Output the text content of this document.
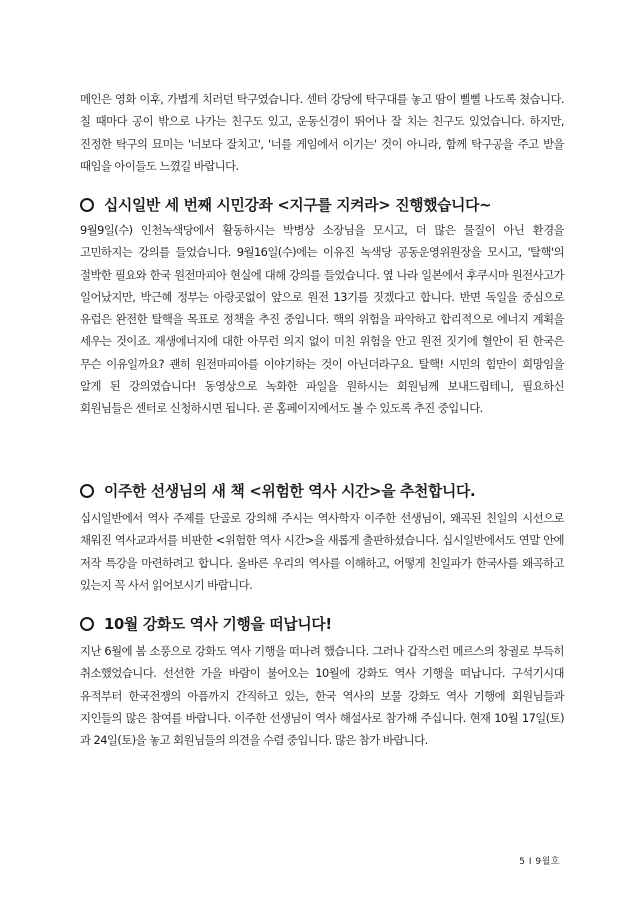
메인은 영화 이후, 가볍게 치러던 탁구였습니다. 센터 강당에 탁구대를 놓고 땀이 삘삘 나도록 쳤습니다. 칠 때마다 공이 밖으로 나가는 친구도 있고, 운동신경이 뛰어나 잘 치는 친구도 있었습니다. 하지만, 진정한 탁구의 묘미는 '너보다 잘치고', '너를 게임에서 이기는' 것이 아니라, 함께 탁구공을 주고 받을 때임을 아이들도 느꼈길 바랍니다.

십시일반 세 번째 시민강좌 <지구를 지켜라> 진행했습니다~

9월9일(수) 인천녹색당에서 활동하시는 박병상 소장님을 모시고, 더 많은 물질이 아닌 환경을 고민하지는 강의를 들었습니다. 9월16일(수)에는 이유진 녹색당 공동운영위원장을 모시고, '탈핵'의 절박한 필요와 한국 원전마피아 현실에 대해 강의를 들었습니다. 옆 나라 일본에서 후쿠시마 원전사고가 일어났지만, 박근혜 정부는 아랑곳없이 앞으로 원전 13기를 짓겠다고 합니다. 반면 독일을 중심으로 유럽은 완전한 탈핵을 목표로 정책을 추진 중입니다. 핵의 위험을 파악하고 합리적으로 에너지 계획을 세우는 것이죠. 재생에너지에 대한 아무런 의지 없이 미친 위험을 안고 원전 짓기에 혈안이 된 한국은 무슨 이유일까요? 괜히 원전마피아를 이야기하는 것이 아닌더라구요. 탈핵! 시민의 힘만이 희망임을 알게 된 강의였습니다! 동영상으로 녹화한 파일을 원하시는 회원님께 보내드립테니, 필요하신 회원님들은 센터로 신청하시면 됩니다. 곧 홈페이지에서도 볼 수 있도록 추진 중입니다.

이주한 선생님의 새 책 <위험한 역사 시간>을 추천합니다.

십시일반에서 역사 주제를 단골로 강의해 주시는 역사학자 이주한 선생님이, 왜곡된 친일의 시선으로 채워진 역사교과서를 비판한 <위험한 역사 시간>을 새롭게 출판하셨습니다. 십시일반에서도 연말 안에 저작 특강을 마련하려고 합니다. 올바른 우리의 역사를 이해하고, 어떻게 친일파가 한국사를 왜곡하고 있는지 꼭 사서 읽어보시기 바랍니다.

10월 강화도 역사 기행을 떠납니다!

지난 6월에 봄 소풍으로 강화도 역사 기행을 떠나려 했습니다. 그러나 갑작스런 메르스의 창궐로 부득히 취소했었습니다. 선선한 가을 바람이 불어오는 10월에 강화도 역사 기행을 떠납니다. 구석기시대 유적부터 한국전쟁의 아픔까지 간직하고 있는, 한국 역사의 보물 강화도 역사 기행에 회원님들과 지인들의 많은 참여를 바랍니다. 이주한 선생님이 역사 해설사로 참가해 주십니다. 현재 10월 17일(토) 과 24일(토)을 놓고 회원님들의 의견을 수렴 중입니다. 많은 참가 바랍니다.

5 I 9월호
